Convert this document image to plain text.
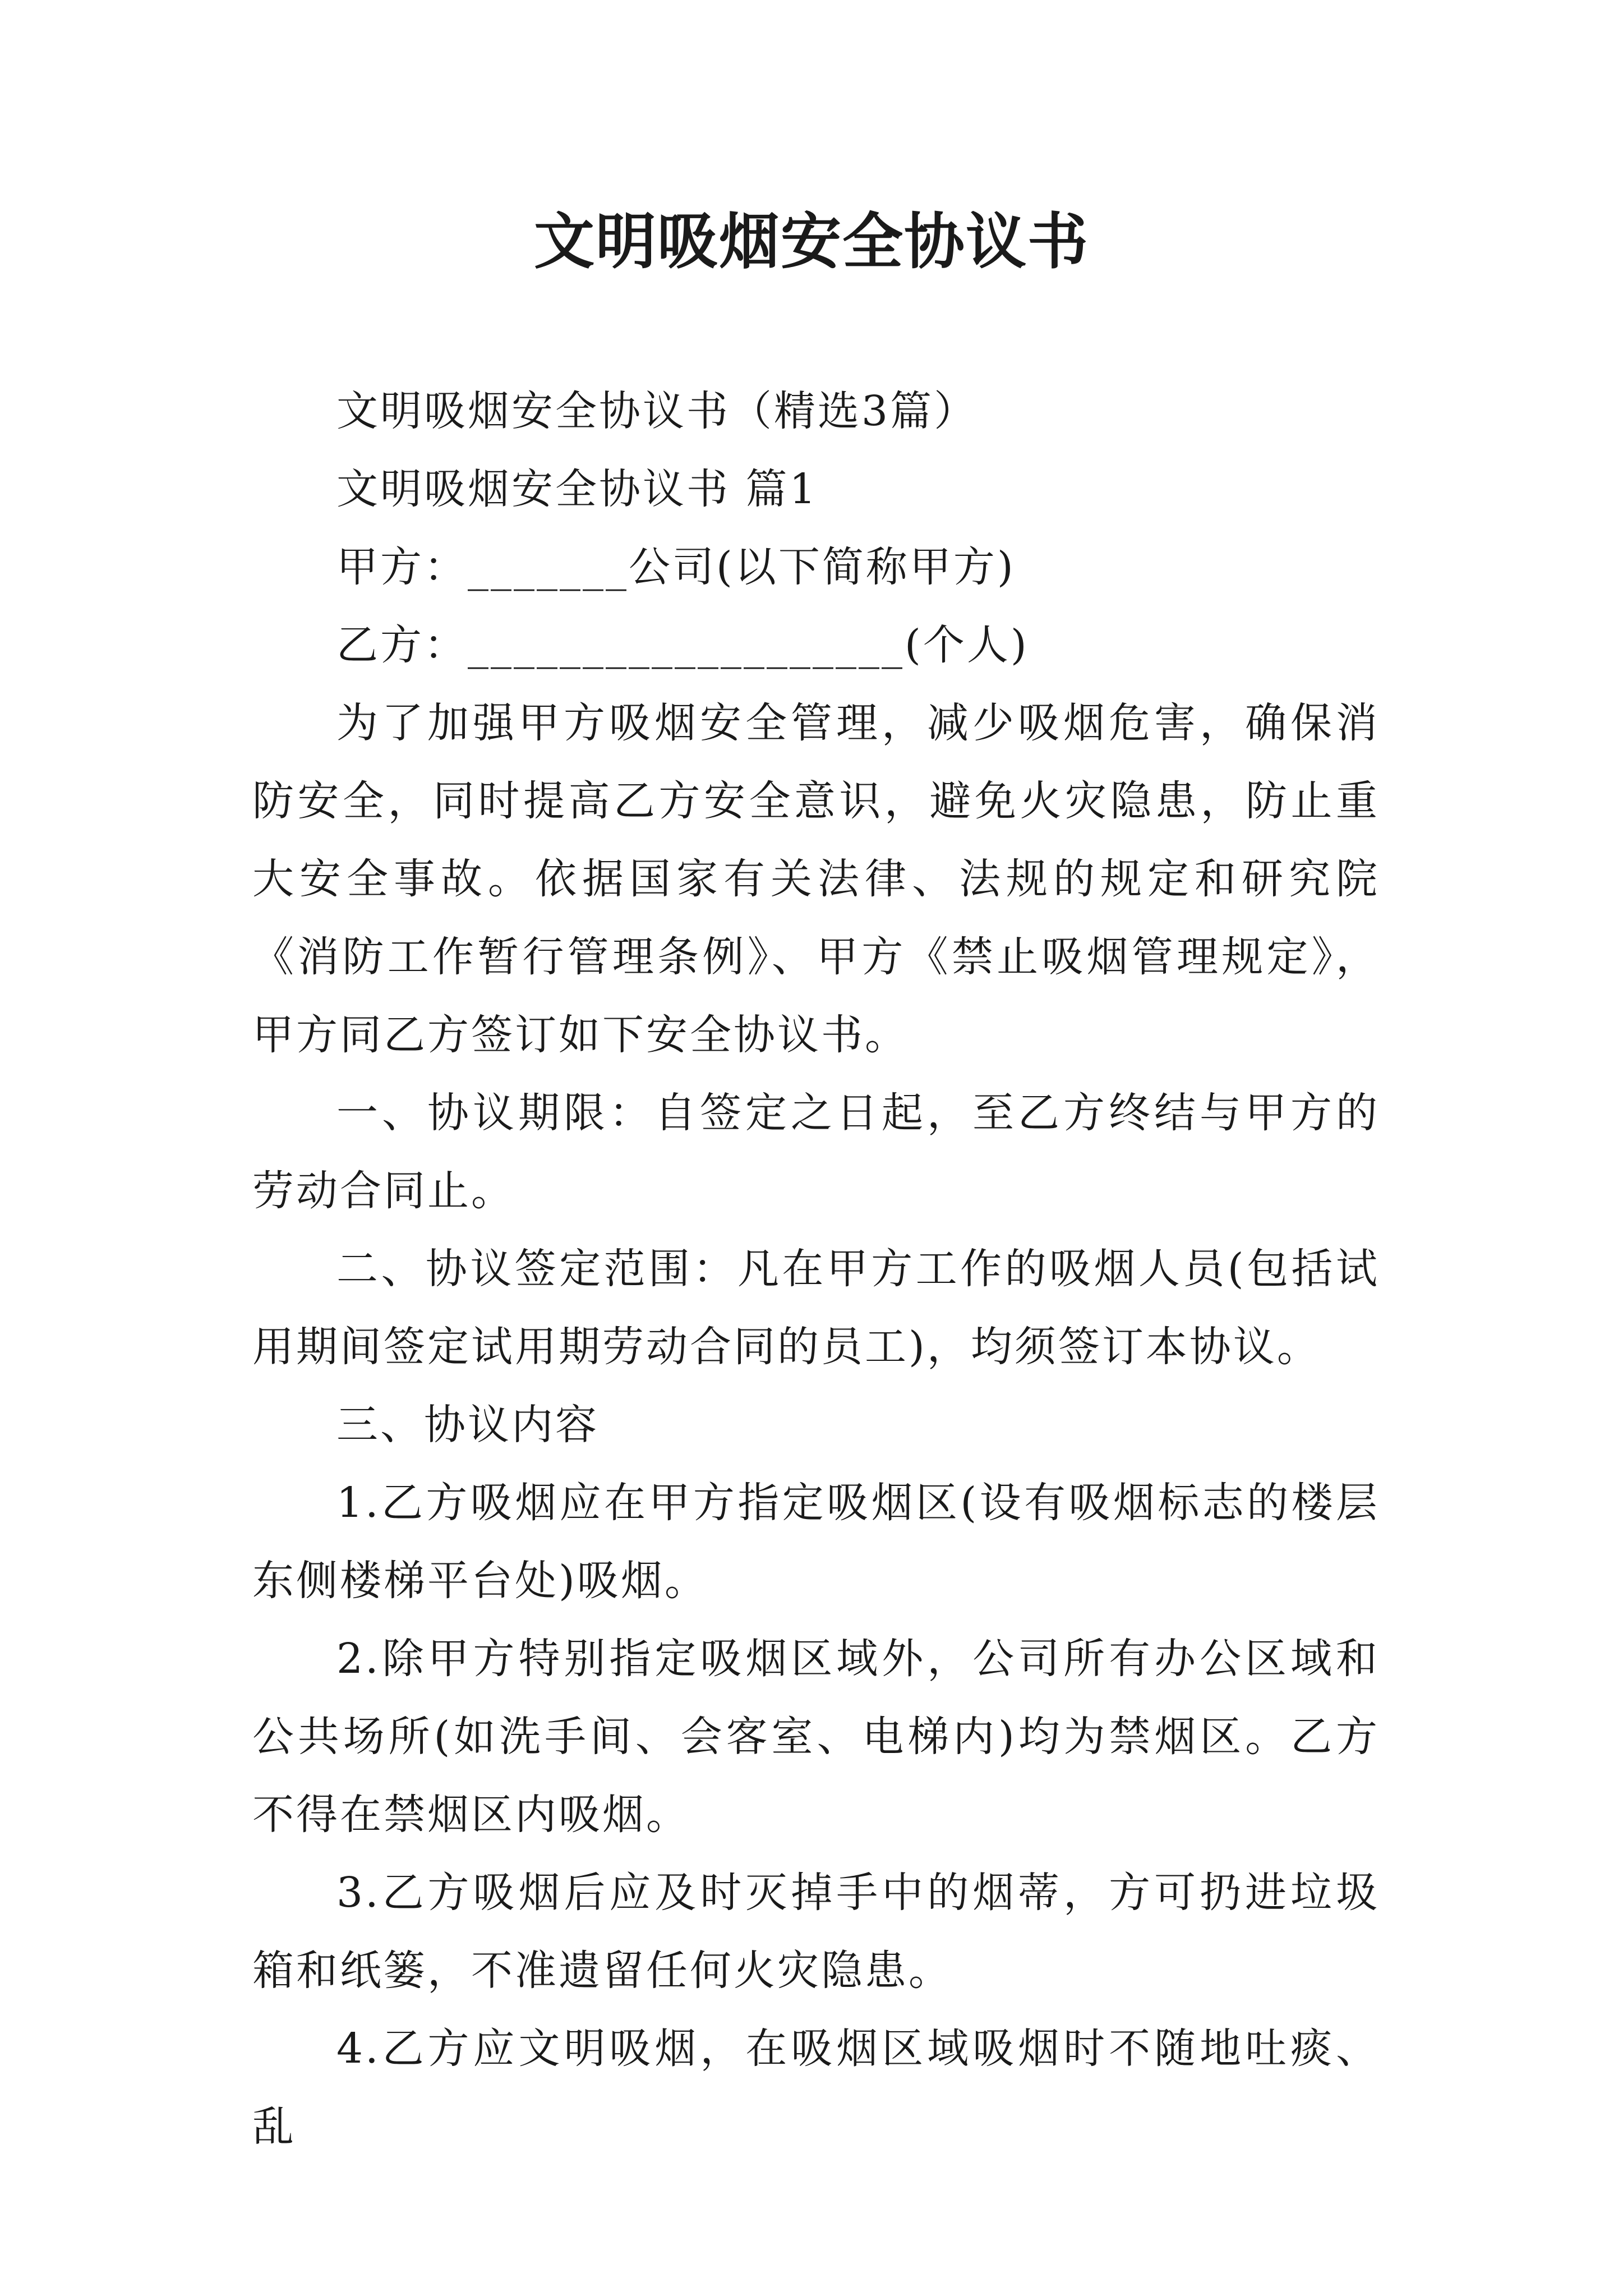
文明吸烟安全协议书

文明吸烟安全协议书（精选3篇）

文明吸烟安全协议书 篇1

甲方：_______公司(以下简称甲方)

乙方：___________________(个人)

为了加强甲方吸烟安全管理，减少吸烟危害，确保消防安全，同时提高乙方安全意识，避免火灾隐患，防止重大安全事故。依据国家有关法律、法规的规定和研究院《消防工作暂行管理条例》、甲方《禁止吸烟管理规定》，甲方同乙方签订如下安全协议书。

一、协议期限：自签定之日起，至乙方终结与甲方的劳动合同止。

二、协议签定范围：凡在甲方工作的吸烟人员(包括试用期间签定试用期劳动合同的员工)，均须签订本协议。

三、协议内容

1.乙方吸烟应在甲方指定吸烟区(设有吸烟标志的楼层东侧楼梯平台处)吸烟。

2.除甲方特别指定吸烟区域外，公司所有办公区域和公共场所(如洗手间、会客室、电梯内)均为禁烟区。乙方不得在禁烟区内吸烟。

3.乙方吸烟后应及时灭掉手中的烟蒂，方可扔进垃圾箱和纸篓，不准遗留任何火灾隐患。

4.乙方应文明吸烟，在吸烟区域吸烟时不随地吐痰、乱
